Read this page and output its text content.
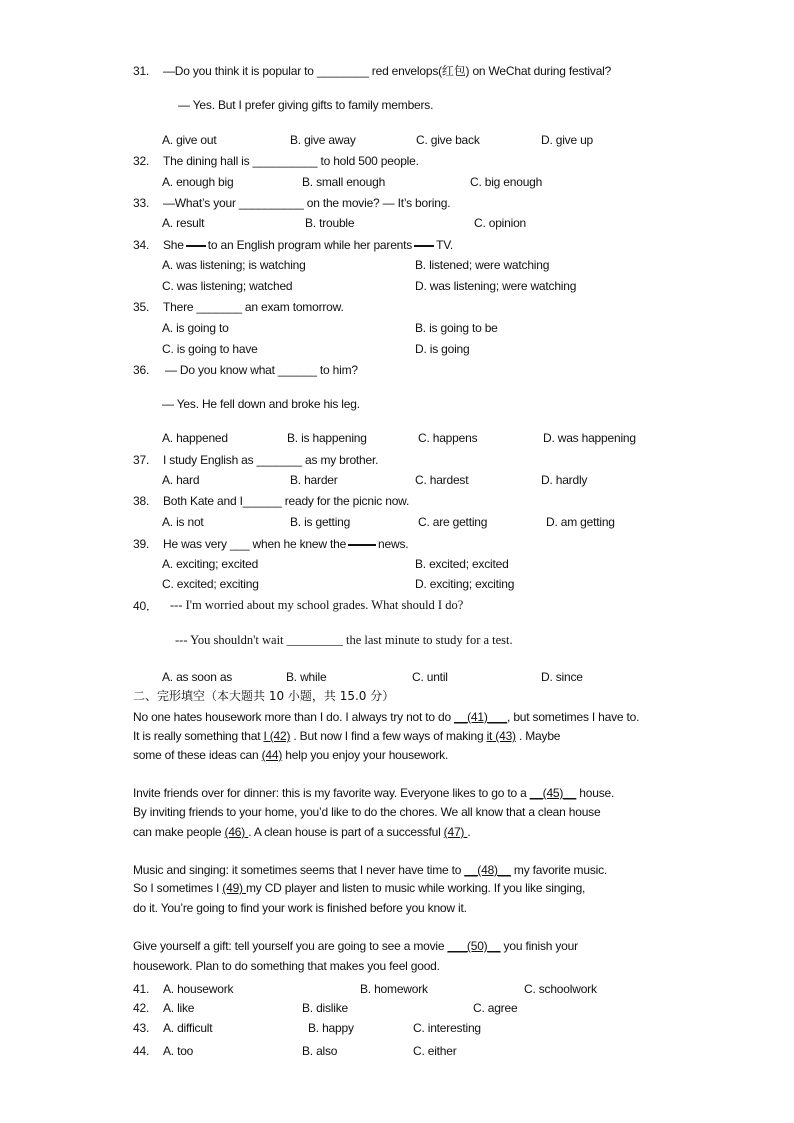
31. —Do you think it is popular to ________ red envelops(红包) on WeChat during festival?
— Yes. But I prefer giving gifts to family members.
A. give out	B. give away	C. give back	D. give up
32. The dining hall is __________ to hold 500 people.
A. enough big	B. small enough	C. big enough
33. —What’s your __________ on the movie? — It’s boring.
A. result	B. trouble	C. opinion
34. She to an English program while her parents TV.
A. was listening; is watching	B. listened; were watching
C. was listening; watched	D. was listening; were watching
35. There _______ an exam tomorrow.
A. is going to	B. is going to be
C. is going to have	D. is going
36. — Do you know what ______ to him?
— Yes. He fell down and broke his leg.
A. happened	B. is happening	C. happens	D. was happening
37. I study English as _______ as my brother.
A. hard	B. harder	C. hardest	D. hardly
38. Both Kate and I______ ready for the picnic now.
A. is not	B. is getting	C. are getting	D. am getting
39. He was very ___ when he knew the	news.
A. exciting; excited	B. excited; excited
C. excited; exciting	D. exciting; exciting
40． --- I'm worried about my school grades. What should I do?
--- You shouldn't wait _________ the last minute to study for a test.
A. as soon as	B. while	C. until	D. since
二、完形填空（本大题共 10 小题，共 15.0 分）
No one hates housework more than I do. I always try not to do __(41)___, but sometimes I have to.
It is really something that I (42) . But now I find a few ways of making it (43) . Maybe
some of these ideas can (44) help you enjoy your housework.
Invite friends over for dinner: this is my favorite way. Everyone likes to go to a __(45)__ house.
By inviting friends to your home, you’d like to do the chores. We all know that a clean house
can make people (46) . A clean house is part of a successful (47) .
Music and singing: it sometimes seems that I never have time to __(48)__ my favorite music.
So I sometimes I (49) my CD player and listen to music while working. If you like singing,
do it. You’re going to find your work is finished before you know it.
Give yourself a gift: tell yourself you are going to see a movie ___(50)__ you finish your
housework. Plan to do something that makes you feel good.
41. A. housework	B. homework	C. schoolwork
42. A. like	B. dislike	C. agree
43. A. difficult	B. happy	C. interesting
44. A. too	B. also	C. either
